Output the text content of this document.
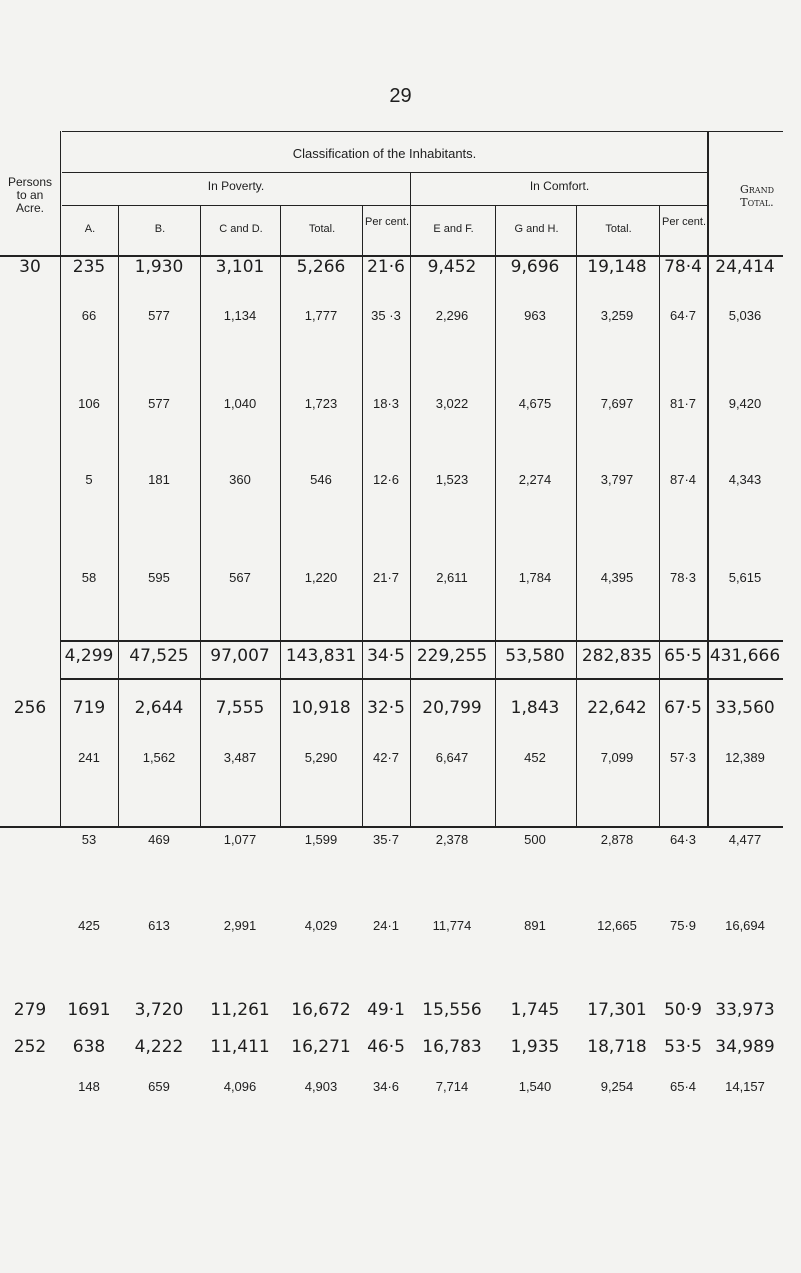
29
Persons to an Acre.
Classification of the Inhabitants.
In Poverty.	In Comfort.	Grand Total.
A.	B.	C and D.	Total.
Per cent.
E and F.	G and H.	Total.
Per cent.
30	235	1,930	3,101	5,266	21·6	9,452	9,696	19,148	78·4 24,414
66	577	1,134	1,777	35 ·3	2,296	963	3,259	64·7	5,036
106	577	1,040	1,723	18·3	3,022	4,675	7,697	81·7	9,420
5	181	360	546	12·6	1,523	2,274	3,797	87·4	4,343
58	595	567	1,220	21·7	2,611	1,784	4,395	78·3	5,615
4,299 47,525	97,007 143,831 34·5 229,255	53,580	282,835 65·5 431,666
256	719	2,644	7,555	10,918 32·5	20,799	1,843	22,642	67·5 33,560
241	1,562	3,487	5,290	42·7	6,647	452	7,099	57·3	12,389
53	469	1,077	1,599	35·7	2,378	500	2,878	64·3	4,477
425	613	2,991	4,029	24·1	11,774	891	12,665	75·9	16,694
279	1691	3,720	11,261	16,672 49·1	15,556	1,745	17,301	50·9 33,973
252	638	4,222	11,411	16,271 46·5	16,783	1,935	18,718	53·5 34,989
148	659	4,096	4,903	34·6	7,714	1,540	9,254	65·4	14,157
